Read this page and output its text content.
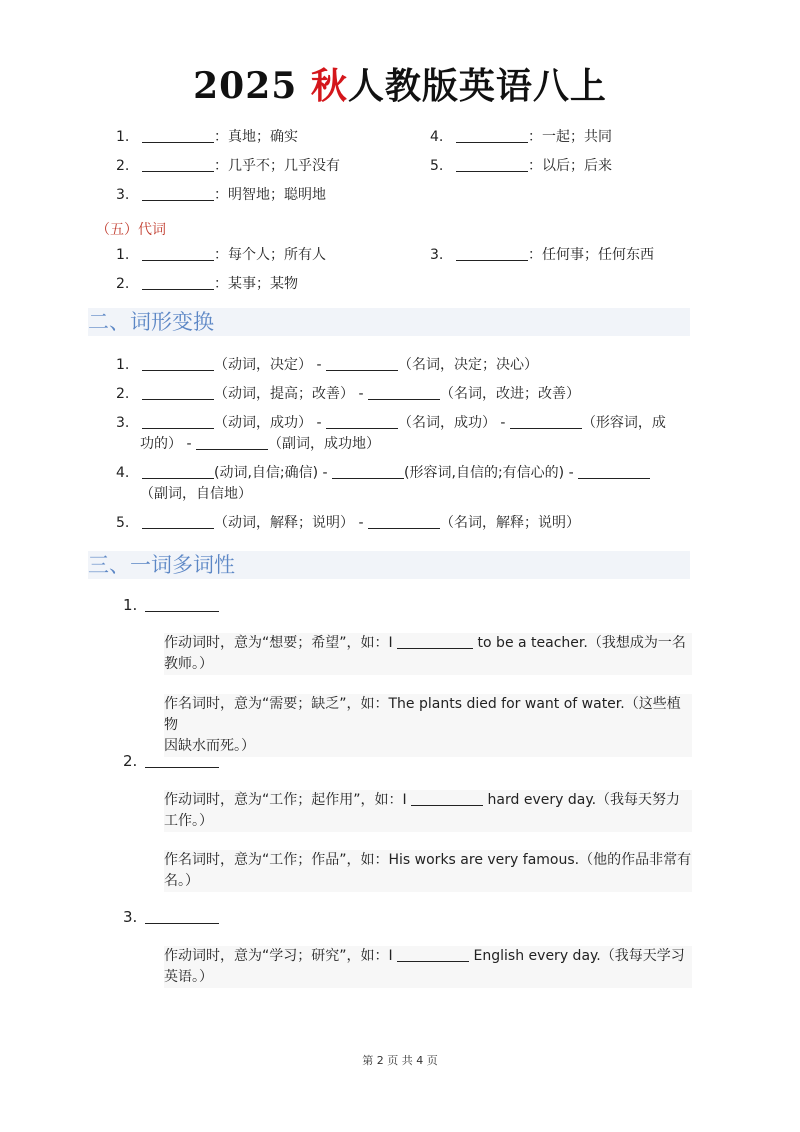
2025 秋人教版英语八上
1.	：真地；确实
2.	：几乎不；几乎没有
3.	：明智地；聪明地
4.	：一起；共同
5.	：以后；后来
（五）代词
1.	：每个人；所有人
2.	：某事；某物
3.	：任何事；任何东西
二、词形变换
1.	（动词，决定） -	（名词，决定；决心）
2.	（动词，提高；改善） -	（名词，改进；改善）
3.	（动词，成功） -	（名词，成功） -	（形容词，成
功的） -	（副词，成功地）
4.	(动词,自信;确信) -	(形容词,自信的;有信心的) -
（副词，自信地）
5.	（动词，解释；说明） -	（名词，解释；说明）
三、一词多词性
1.
作动词时，意为“想要；希望”，如：I	to be a teacher.（我想成为一名
教师。）
作名词时，意为“需要；缺乏”，如：The plants died for want of water.（这些植物
因缺水而死。）
2.
作动词时，意为“工作；起作用”，如：I	hard every day.（我每天努力
工作。）
作名词时，意为“工作；作品”，如：His works are very famous.（他的作品非常有
名。）
3.
作动词时，意为“学习；研究”，如：I	English every day.（我每天学习
英语。）
第 2 页 共 4 页
